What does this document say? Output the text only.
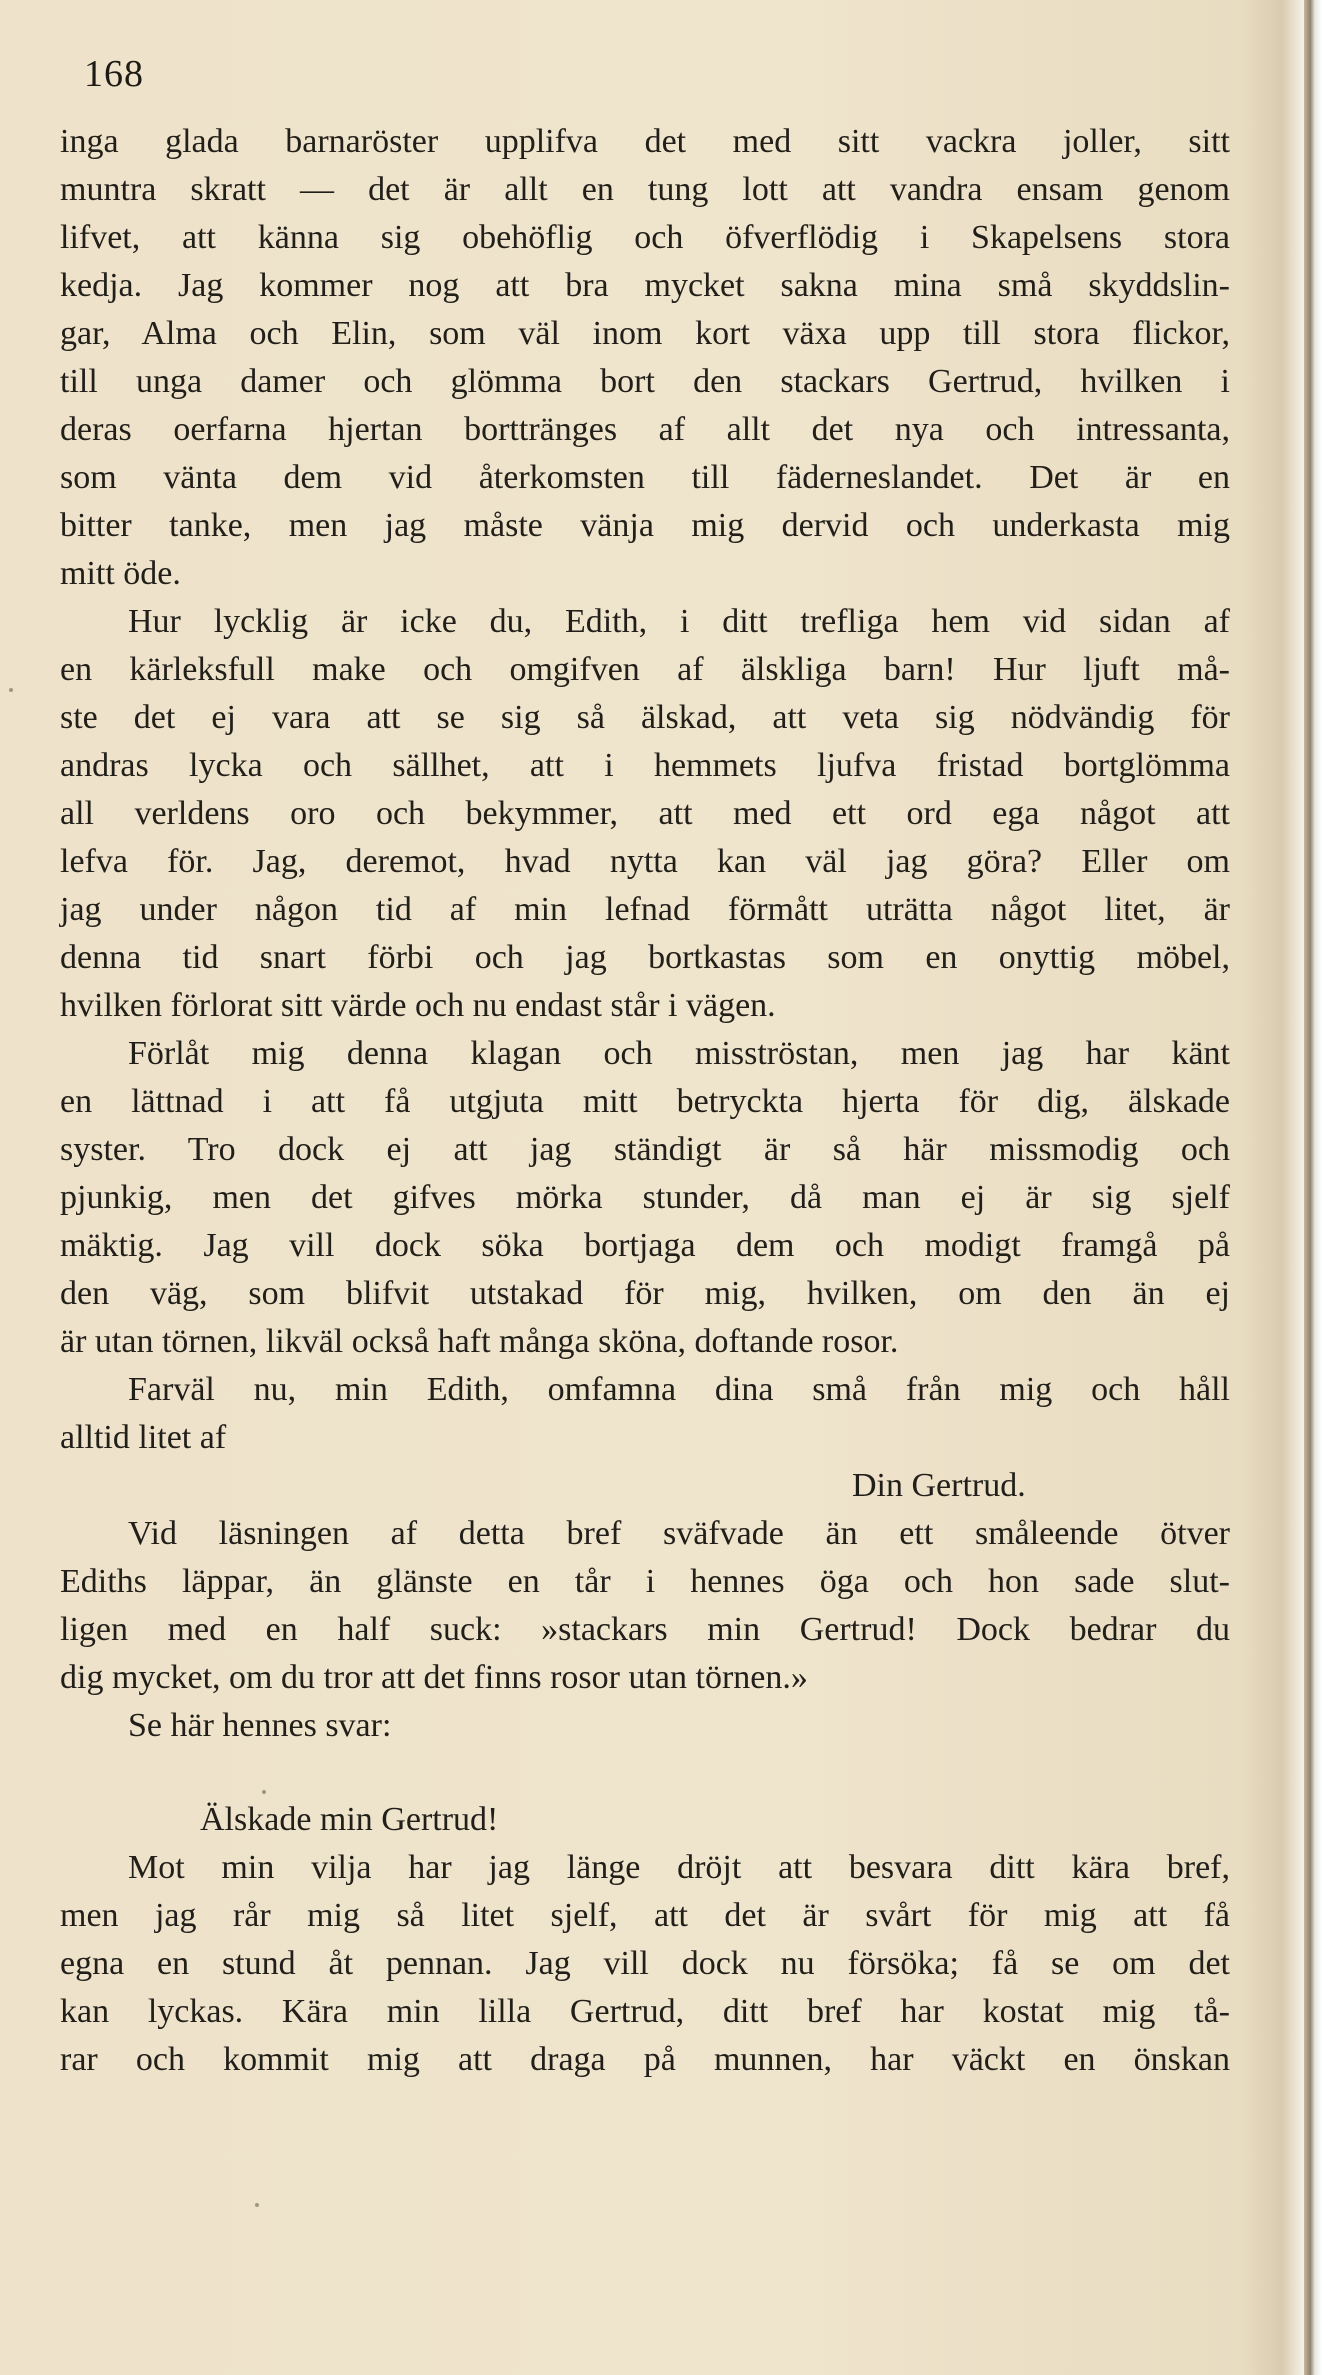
168
inga glada barnaröster upplifva det med sitt vackra joller, sitt
muntra skratt — det är allt en tung lott att vandra ensam genom
lifvet, att känna sig obehöflig och öfverflödig i Skapelsens stora
kedja. Jag kommer nog att bra mycket sakna mina små skyddslin-
gar, Alma och Elin, som väl inom kort växa upp till stora flickor,
till unga damer och glömma bort den stackars Gertrud, hvilken i
deras oerfarna hjertan borttränges af allt det nya och intressanta,
som vänta dem vid återkomsten till fäderneslandet. Det är en
bitter tanke, men jag måste vänja mig dervid och underkasta mig
mitt öde.
Hur lycklig är icke du, Edith, i ditt trefliga hem vid sidan af
en kärleksfull make och omgifven af älskliga barn! Hur ljuft må-
ste det ej vara att se sig så älskad, att veta sig nödvändig för
andras lycka och sällhet, att i hemmets ljufva fristad bortglömma
all verldens oro och bekymmer, att med ett ord ega något att
lefva för. Jag, deremot, hvad nytta kan väl jag göra? Eller om
jag under någon tid af min lefnad förmått uträtta något litet, är
denna tid snart förbi och jag bortkastas som en onyttig möbel,
hvilken förlorat sitt värde och nu endast står i vägen.
Förlåt mig denna klagan och misströstan, men jag har känt
en lättnad i att få utgjuta mitt betryckta hjerta för dig, älskade
syster. Tro dock ej att jag ständigt är så här missmodig och
pjunkig, men det gifves mörka stunder, då man ej är sig sjelf
mäktig. Jag vill dock söka bortjaga dem och modigt framgå på
den väg, som blifvit utstakad för mig, hvilken, om den än ej
är utan törnen, likväl också haft många sköna, doftande rosor.
Farväl nu, min Edith, omfamna dina små från mig och håll
alltid litet af
Din Gertrud.
Vid läsningen af detta bref sväfvade än ett småleende ötver
Ediths läppar, än glänste en tår i hennes öga och hon sade slut-
ligen med en half suck: »stackars min Gertrud! Dock bedrar du
dig mycket, om du tror att det finns rosor utan törnen.»
Se här hennes svar:
Älskade min Gertrud!
Mot min vilja har jag länge dröjt att besvara ditt kära bref,
men jag rår mig så litet sjelf, att det är svårt för mig att få
egna en stund åt pennan. Jag vill dock nu försöka; få se om det
kan lyckas. Kära min lilla Gertrud, ditt bref har kostat mig tå-
rar och kommit mig att draga på munnen, har väckt en önskan
